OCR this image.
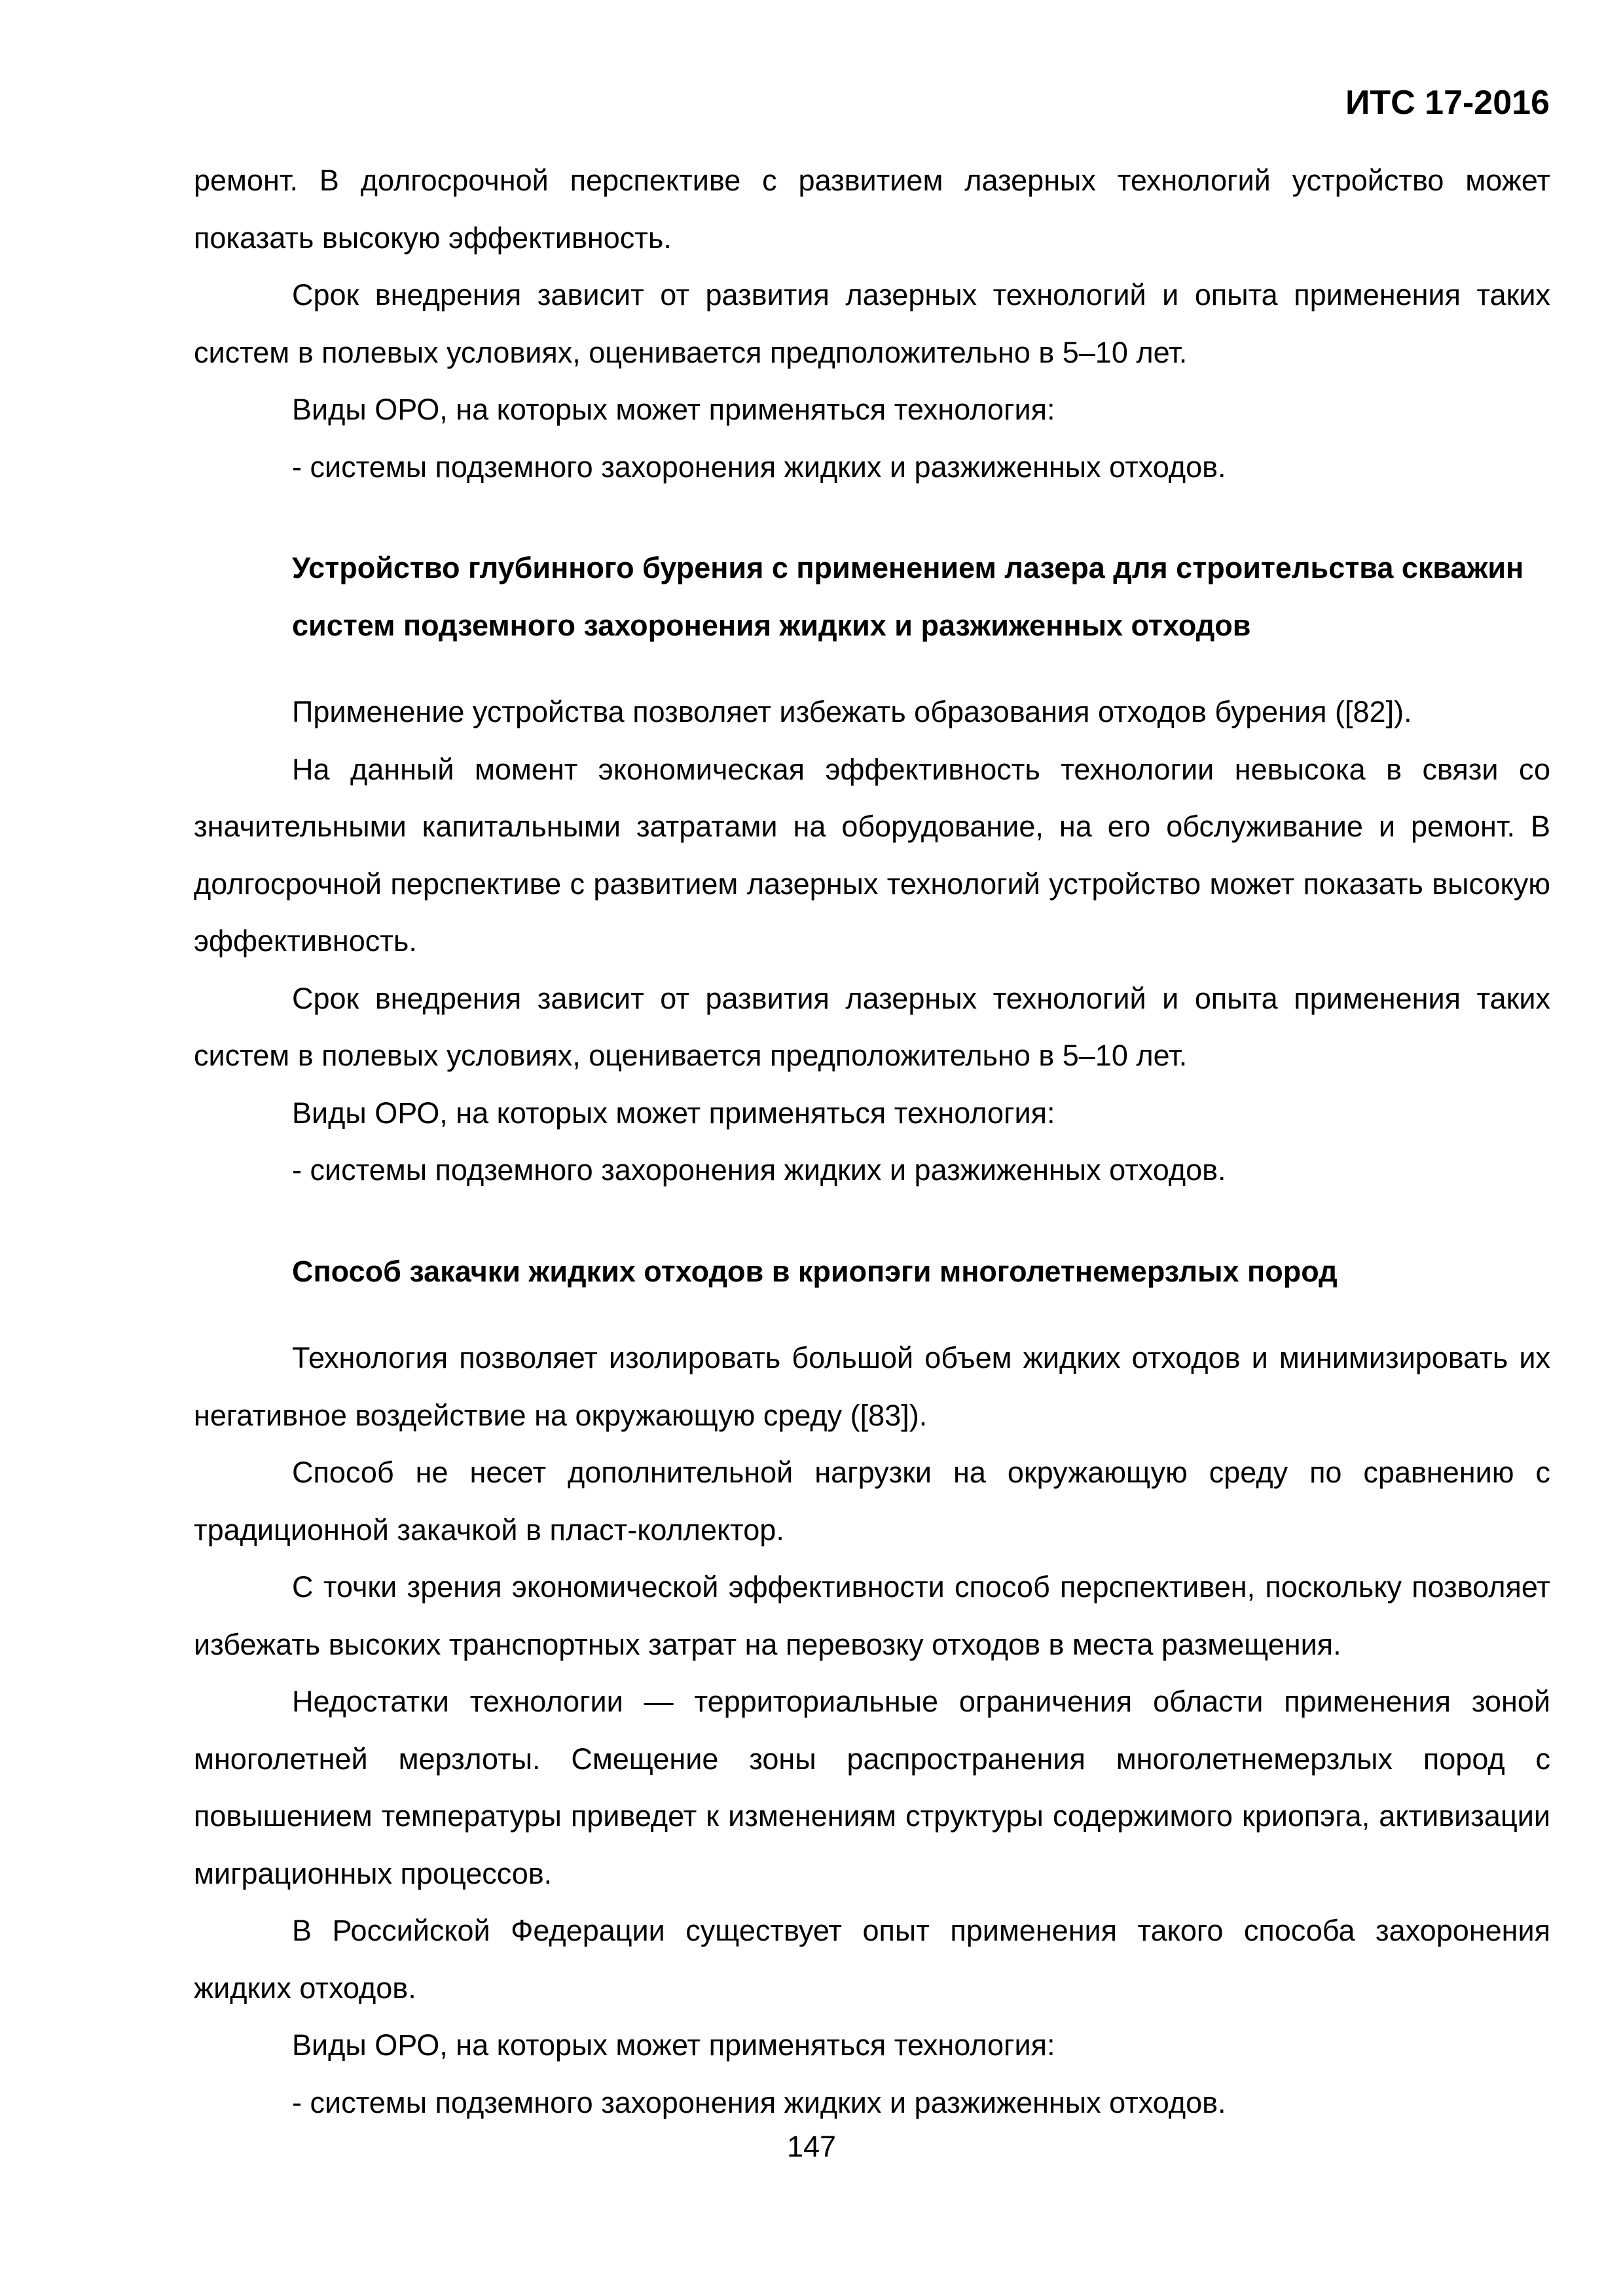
ИТС 17-2016

ремонт. В долгосрочной перспективе с развитием лазерных технологий устройство может показать высокую эффективность.

Срок внедрения зависит от развития лазерных технологий и опыта применения таких систем в полевых условиях, оценивается предположительно в 5–10 лет.

Виды ОРО, на которых может применяться технология:

- системы подземного захоронения жидких и разжиженных отходов.

Устройство глубинного бурения с применением лазера для строительства скважин систем подземного захоронения жидких и разжиженных отходов

Применение устройства позволяет избежать образования отходов бурения ([82]).

На данный момент экономическая эффективность технологии невысока в связи со значительными капитальными затратами на оборудование, на его обслуживание и ремонт. В долгосрочной перспективе с развитием лазерных технологий устройство может показать высокую эффективность.

Срок внедрения зависит от развития лазерных технологий и опыта применения таких систем в полевых условиях, оценивается предположительно в 5–10 лет.

Виды ОРО, на которых может применяться технология:

- системы подземного захоронения жидких и разжиженных отходов.

Способ закачки жидких отходов в криопэги многолетнемерзлых пород

Технология позволяет изолировать большой объем жидких отходов и минимизировать их негативное воздействие на окружающую среду ([83]).

Способ не несет дополнительной нагрузки на окружающую среду по сравнению с традиционной закачкой в пласт-коллектор.

С точки зрения экономической эффективности способ перспективен, поскольку позволяет избежать высоких транспортных затрат на перевозку отходов в места размещения.

Недостатки технологии — территориальные ограничения области применения зоной многолетней мерзлоты. Смещение зоны распространения многолетнемерзлых пород с повышением температуры приведет к изменениям структуры содержимого криопэга, активизации миграционных процессов.

В Российской Федерации существует опыт применения такого способа захоронения жидких отходов.

Виды ОРО, на которых может применяться технология:

- системы подземного захоронения жидких и разжиженных отходов.

147
